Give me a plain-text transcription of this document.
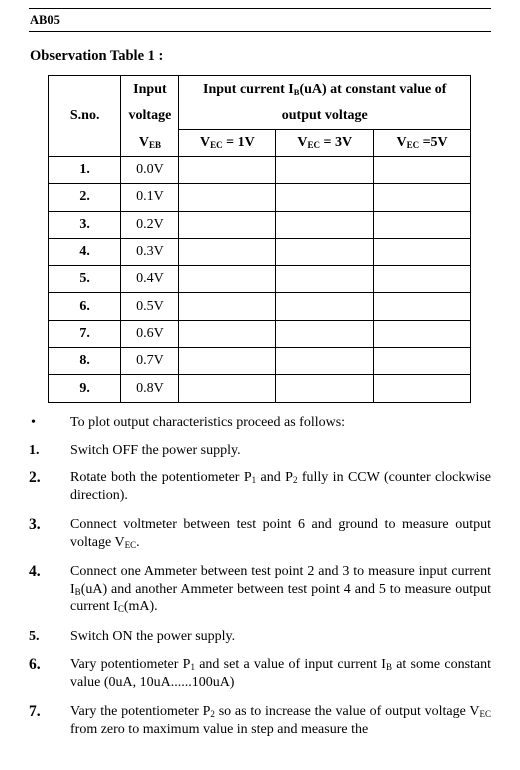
AB05
Observation Table 1 :
S.no.	Input	Input current $I_B(uA)$ at constant value of		
	voltage	output voltage		
	$V_{EB}$	$V_{EC} = 1V$	$V_{EC} = 3V$	$V_{EC} =5V$
1.	0.0V			
2.	0.1V			
3.	0.2V			
4.	0.3V			
5.	0.4V			
6.	0.5V			
7.	0.6V			
8.	0.7V			
9.	0.8V			
• To plot output characteristics proceed as follows:
1. Switch OFF the power supply.
2. Rotate both the potentiometer $P_1$ and $P_2$ fully in CCW (counter clockwise direction).
3. Connect voltmeter between test point 6 and ground to measure output voltage $V_{EC}$.
4. Connect one Ammeter between test point 2 and 3 to measure input current $I_B(uA)$ and another Ammeter between test point 4 and 5 to measure output current $I_C(mA)$.
5. Switch ON the power supply.
6. Vary potentiometer $P_1$ and set a value of input current $I_B$ at some constant value (0uA, 10uA......100uA)
7. Vary the potentiometer $P_2$ so as to increase the value of output voltage $V_{EC}$ from zero to maximum value in step and measure the
